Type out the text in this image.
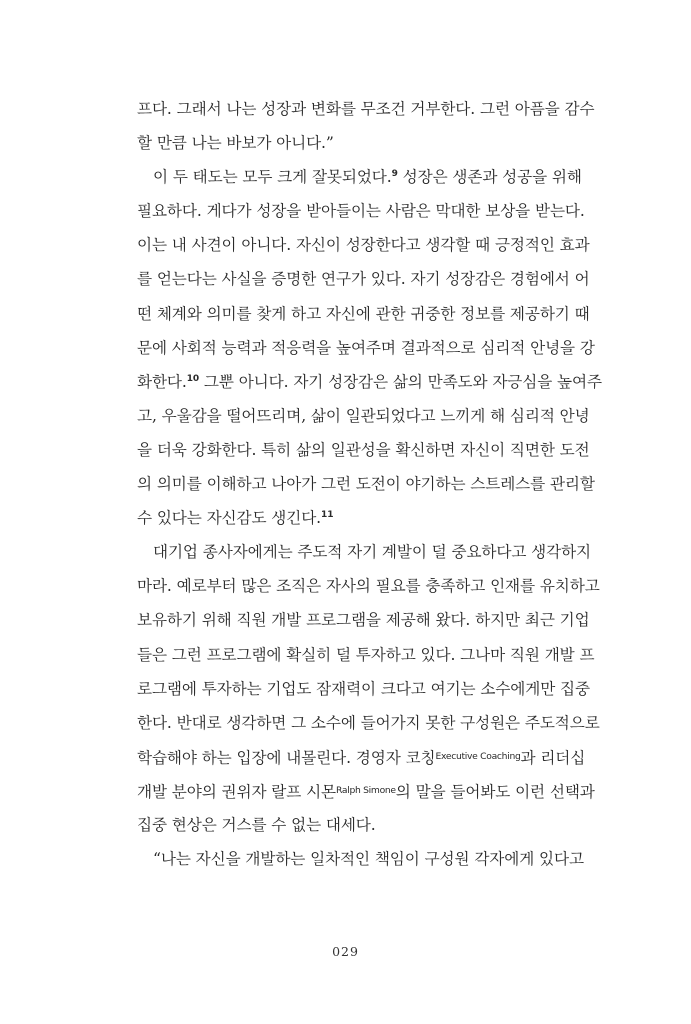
프다. 그래서 나는 성장과 변화를 무조건 거부한다. 그런 아픔을 감수
할 만큼 나는 바보가 아니다.”
이 두 태도는 모두 크게 잘못되었다.$^9$ 성장은 생존과 성공을 위해
필요하다. 게다가 성장을 받아들이는 사람은 막대한 보상을 받는다.
이는 내 사견이 아니다. 자신이 성장한다고 생각할 때 긍정적인 효과
를 얻는다는 사실을 증명한 연구가 있다. 자기 성장감은 경험에서 어
떤 체계와 의미를 찾게 하고 자신에 관한 귀중한 정보를 제공하기 때
문에 사회적 능력과 적응력을 높여주며 결과적으로 심리적 안녕을 강
화한다.$^{10}$ 그뿐 아니다. 자기 성장감은 삶의 만족도와 자긍심을 높여주
고, 우울감을 떨어뜨리며, 삶이 일관되었다고 느끼게 해 심리적 안녕
을 더욱 강화한다. 특히 삶의 일관성을 확신하면 자신이 직면한 도전
의 의미를 이해하고 나아가 그런 도전이 야기하는 스트레스를 관리할
수 있다는 자신감도 생긴다.$^{11}$
대기업 종사자에게는 주도적 자기 계발이 덜 중요하다고 생각하지
마라. 예로부터 많은 조직은 자사의 필요를 충족하고 인재를 유치하고
보유하기 위해 직원 개발 프로그램을 제공해 왔다. 하지만 최근 기업
들은 그런 프로그램에 확실히 덜 투자하고 있다. 그나마 직원 개발 프
로그램에 투자하는 기업도 잠재력이 크다고 여기는 소수에게만 집중
한다. 반대로 생각하면 그 소수에 들어가지 못한 구성원은 주도적으로
학습해야 하는 입장에 내몰린다. 경영자 코칭$^{Executive Coaching}$과 리더십
개발 분야의 권위자 랄프 시몬$^{Ralph Simone}$의 말을 들어봐도 이런 선택과
집중 현상은 거스를 수 없는 대세다.
“나는 자신을 개발하는 일차적인 책임이 구성원 각자에게 있다고
029
